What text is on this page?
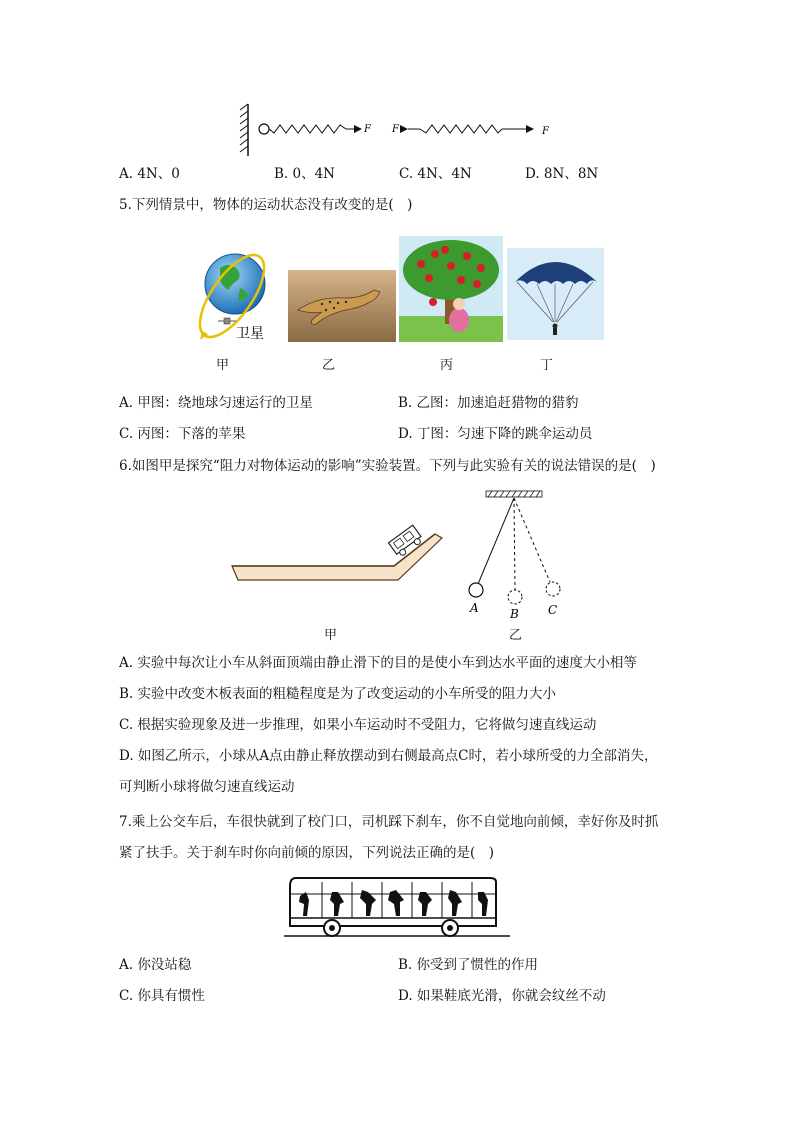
F F	F
A. 4N、0	B. 0、4N	C. 4N、4N	D. 8N、8N
5.下列情景中，物体的运动状态没有改变的是(　)
卫星
甲	乙	丙	丁
A. 甲图：绕地球匀速运行的卫星	B. 乙图：加速追赶猎物的猎豹
C. 丙图：下落的苹果	D. 丁图：匀速下降的跳伞运动员
6.如图甲是探究“阻力对物体运动的影响”实验装置。下列与此实验有关的说法错误的是(　)
甲
A	B C
乙
A. 实验中每次让小车从斜面顶端由静止滑下的目的是使小车到达水平面的速度大小相等
B. 实验中改变木板表面的粗糙程度是为了改变运动的小车所受的阻力大小
C. 根据实验现象及进一步推理，如果小车运动时不受阻力，它将做匀速直线运动
D. 如图乙所示，小球从A点由静止释放摆动到右侧最高点C时，若小球所受的力全部消失，
可判断小球将做匀速直线运动
7.乘上公交车后，车很快就到了校门口，司机踩下刹车，你不自觉地向前倾，幸好你及时抓
紧了扶手。关于刹车时你向前倾的原因，下列说法正确的是(　)
A. 你没站稳	B. 你受到了惯性的作用
C. 你具有惯性	D. 如果鞋底光滑，你就会纹丝不动
